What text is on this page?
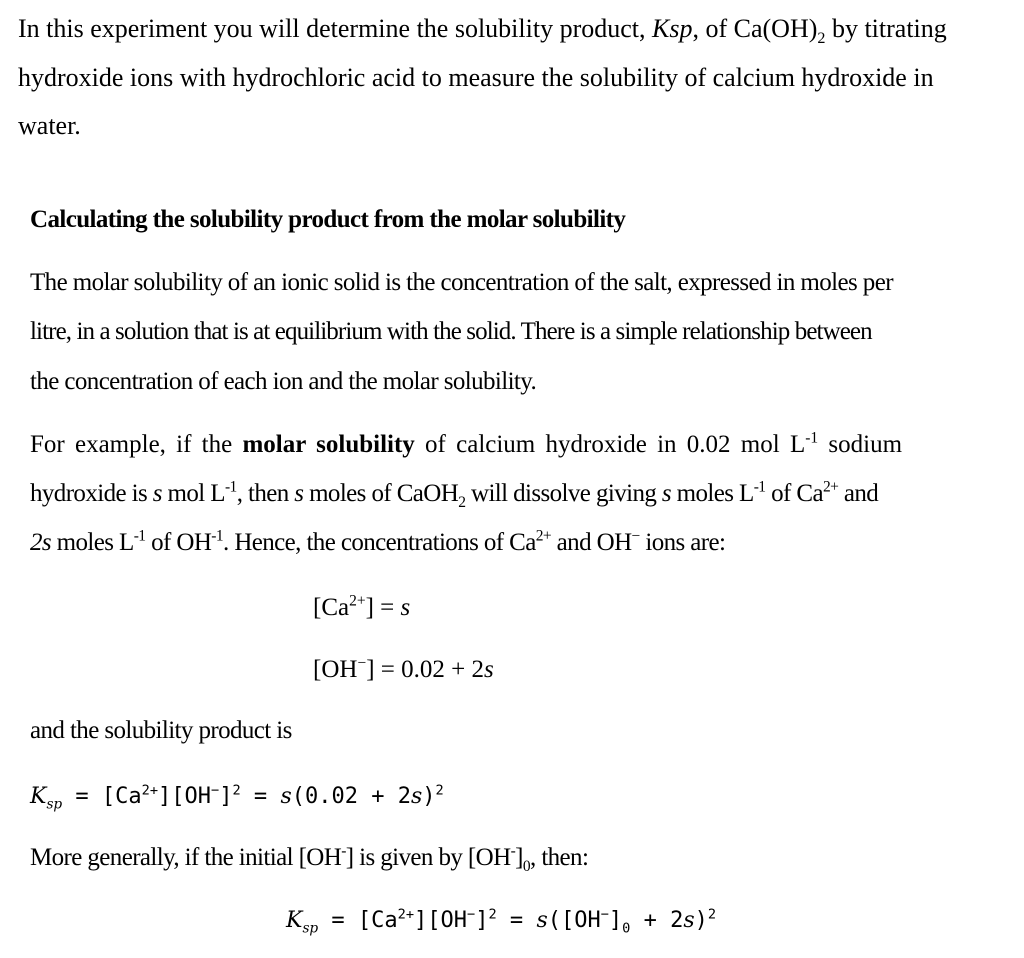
In this experiment you will determine the solubility product, Ksp, of $Ca(OH)_2$ by titrating
hydroxide ions with hydrochloric acid to measure the solubility of calcium hydroxide in
water.
Calculating the solubility product from the molar solubility
The molar solubility of an ionic solid is the concentration of the salt, expressed in moles per
litre, in a solution that is at equilibrium with the solid. There is a simple relationship between
the concentration of each ion and the molar solubility.
For example, if the molar solubility of calcium hydroxide in 0.02 mol $L^{-1}$ sodium
hydroxide is s mol $L^{-1}$, then s moles of CaOH$_2$ will dissolve giving s moles $L^{-1}$ of $Ca^{2+}$ and
2s moles $L^{-1}$ of $OH^{-1}$. Hence, the concentrations of $Ca^{2+}$ and OH− ions are:
$[Ca^{2+}] = s$
[OH−] = 0.02 + 2s
and the solubility product is
$K_{sp} = [Ca^{2+}][OH^-]^2 = s(0.02 + 2s)^2$
More generally, if the initial [OH-] is given by $[OH^-]_0$, then:
$K_{sp} = [Ca^{2+}][OH^-]^2 = s([OH^-]_0 + 2s)^2$
